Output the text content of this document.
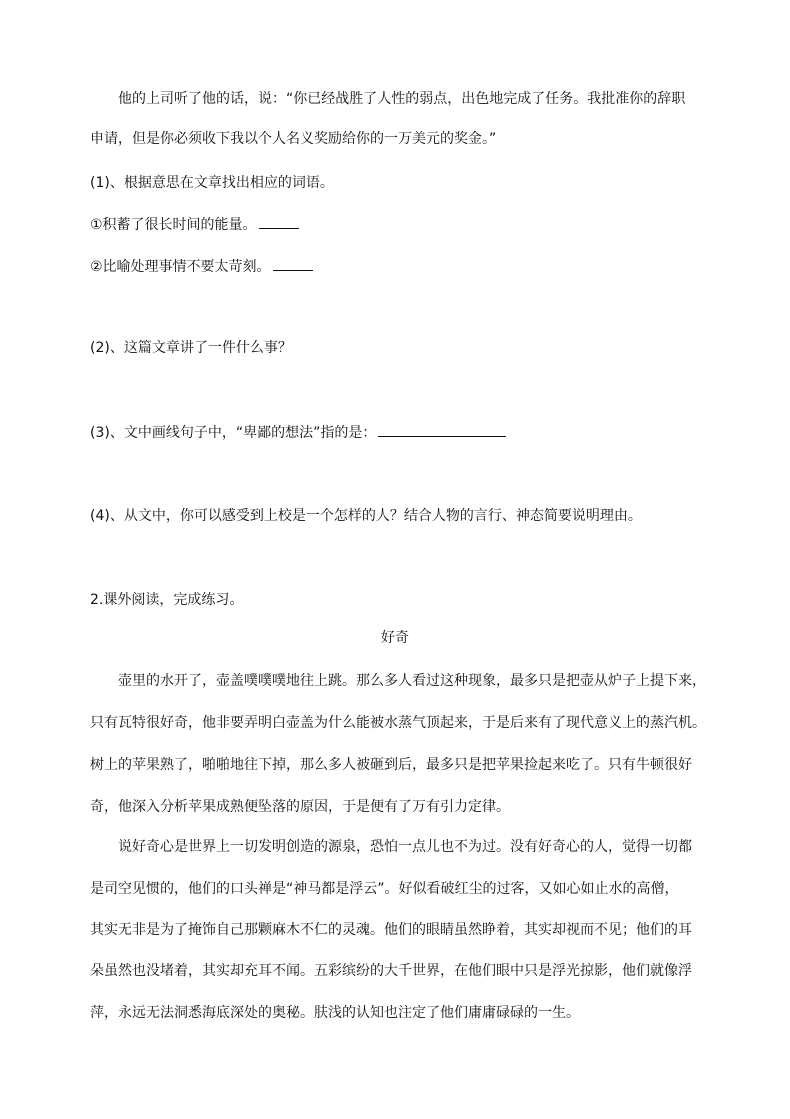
他的上司听了他的话，说：“你已经战胜了人性的弱点，出色地完成了任务。我批准你的辞职
申请，但是你必须收下我以个人名义奖励给你的一万美元的奖金。”
(1)、根据意思在文章找出相应的词语。
①积蓄了很长时间的能量。
②比喻处理事情不要太苛刻。
(2)、这篇文章讲了一件什么事？
(3)、文中画线句子中，“卑鄙的想法”指的是：
(4)、从文中，你可以感受到上校是一个怎样的人？结合人物的言行、神态简要说明理由。
2.课外阅读，完成练习。
好奇
壶里的水开了，壶盖噗噗噗地往上跳。那么多人看过这种现象，最多只是把壶从炉子上提下来，
只有瓦特很好奇，他非要弄明白壶盖为什么能被水蒸气顶起来，于是后来有了现代意义上的蒸汽机。
树上的苹果熟了，啪啪地往下掉，那么多人被砸到后，最多只是把苹果捡起来吃了。只有牛顿很好
奇，他深入分析苹果成熟便坠落的原因，于是便有了万有引力定律。
说好奇心是世界上一切发明创造的源泉，恐怕一点儿也不为过。没有好奇心的人，觉得一切都
是司空见惯的，他们的口头禅是“神马都是浮云”。好似看破红尘的过客，又如心如止水的高僧，
其实无非是为了掩饰自己那颗麻木不仁的灵魂。他们的眼睛虽然睁着，其实却视而不见；他们的耳
朵虽然也没堵着，其实却充耳不闻。五彩缤纷的大千世界，在他们眼中只是浮光掠影，他们就像浮
萍，永远无法洞悉海底深处的奥秘。肤浅的认知也注定了他们庸庸碌碌的一生。
